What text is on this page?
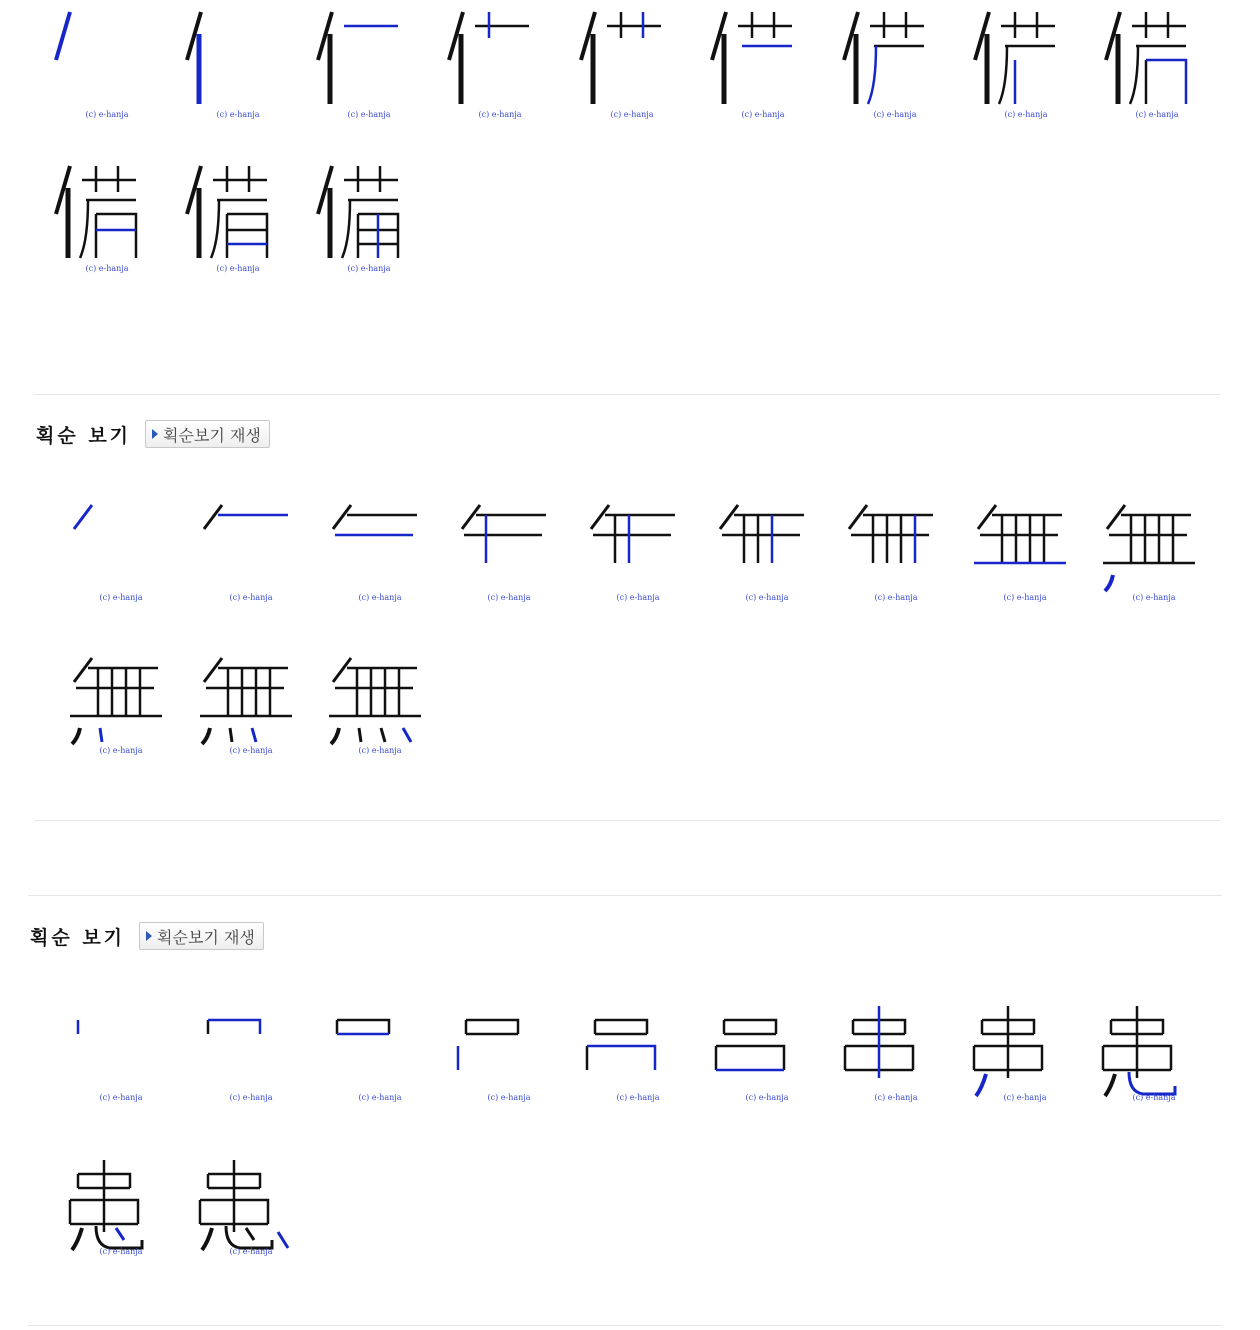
(c) e-hanja	(c) e-hanja	(c) e-hanja	(c) e-hanja	(c) e-hanja	(c) e-hanja	(c) e-hanja	(c) e-hanja	(c) e-hanja
(c) e-hanja	(c) e-hanja	(c) e-hanja
획순 보기 획순보기 재생
(c) e-hanja	(c) e-hanja	(c) e-hanja	(c) e-hanja	(c) e-hanja	(c) e-hanja	(c) e-hanja	(c) e-hanja	(c) e-hanja
(c) e-hanja	(c) e-hanja	(c) e-hanja
획순 보기 획순보기 재생
(c) e-hanja	(c) e-hanja	(c) e-hanja	(c) e-hanja	(c) e-hanja	(c) e-hanja	(c) e-hanja	(c) e-hanja	(c) e-hanja
(c) e-hanja	(c) e-hanja
